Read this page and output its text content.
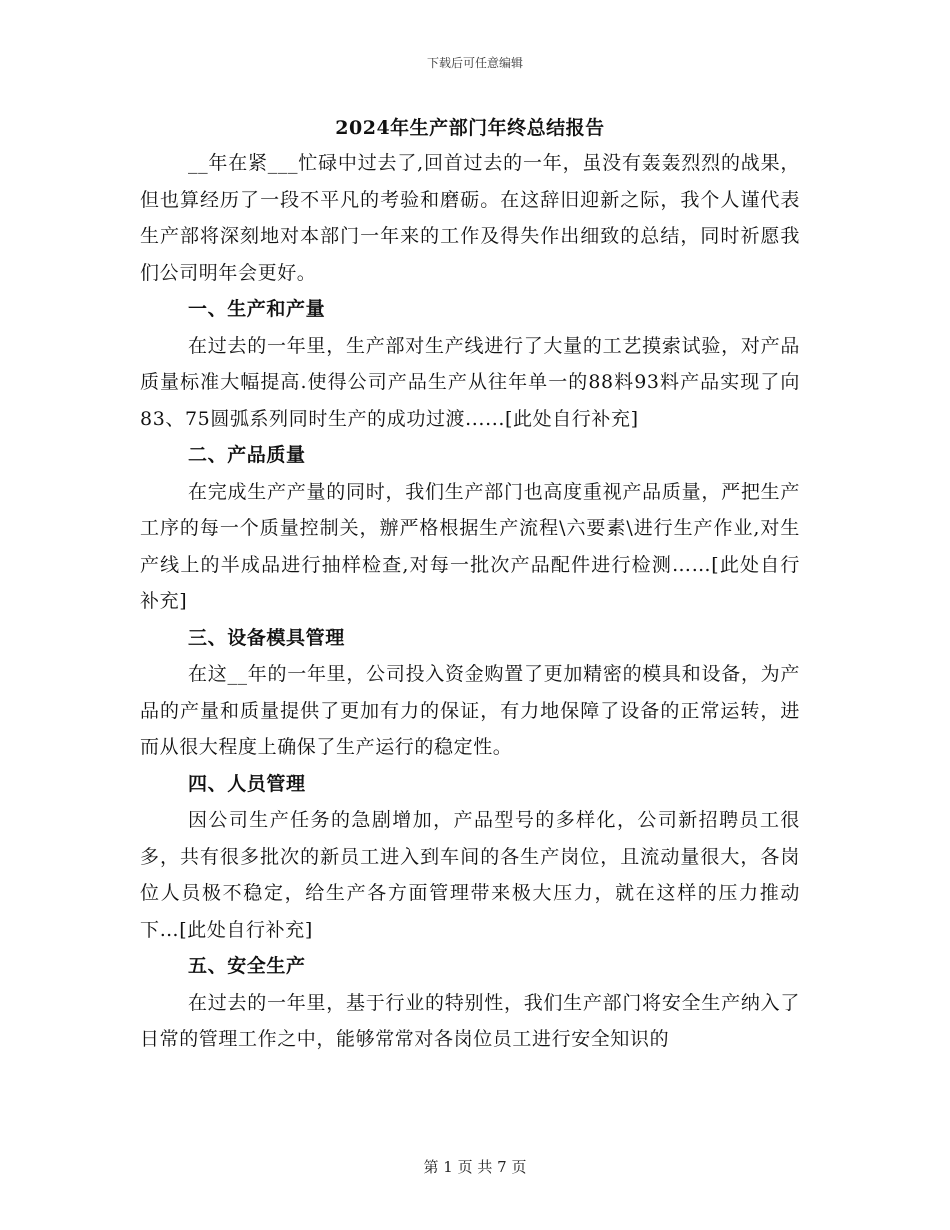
下载后可任意编辑
2024年生产部门年终总结报告

__年在紧___忙碌中过去了,回首过去的一年，虽没有轰轰烈烈的战果，但也算经历了一段不平凡的考验和磨砺。在这辞旧迎新之际，我个人谨代表生产部将深刻地对本部门一年来的工作及得失作出细致的总结，同时祈愿我们公司明年会更好。

一、生产和产量

在过去的一年里，生产部对生产线进行了大量的工艺摸索试验，对产品质量标准大幅提高.使得公司产品生产从往年单一的88料93料产品实现了向83、75圆弧系列同时生产的成功过渡......[此处自行补充]

二、产品质量

在完成生产产量的同时，我们生产部门也高度重视产品质量，严把生产工序的每一个质量控制关，辦严格根据生产流程\六要素\进行生产作业,对生产线上的半成品进行抽样检查,对每一批次产品配件进行检测……[此处自行补充]

三、设备模具管理

在这__年的一年里，公司投入资金购置了更加精密的模具和设备，为产品的产量和质量提供了更加有力的保证，有力地保障了设备的正常运转，进而从很大程度上确保了生产运行的稳定性。

四、人员管理

因公司生产任务的急剧增加，产品型号的多样化，公司新招聘员工很多，共有很多批次的新员工进入到车间的各生产岗位，且流动量很大，各岗位人员极不稳定，给生产各方面管理带来极大压力，就在这样的压力推动下…[此处自行补充]

五、安全生产

在过去的一年里，基于行业的特别性，我们生产部门将安全生产纳入了日常的管理工作之中，能够常常对各岗位员工进行安全知识的

第 1 页 共 7 页
